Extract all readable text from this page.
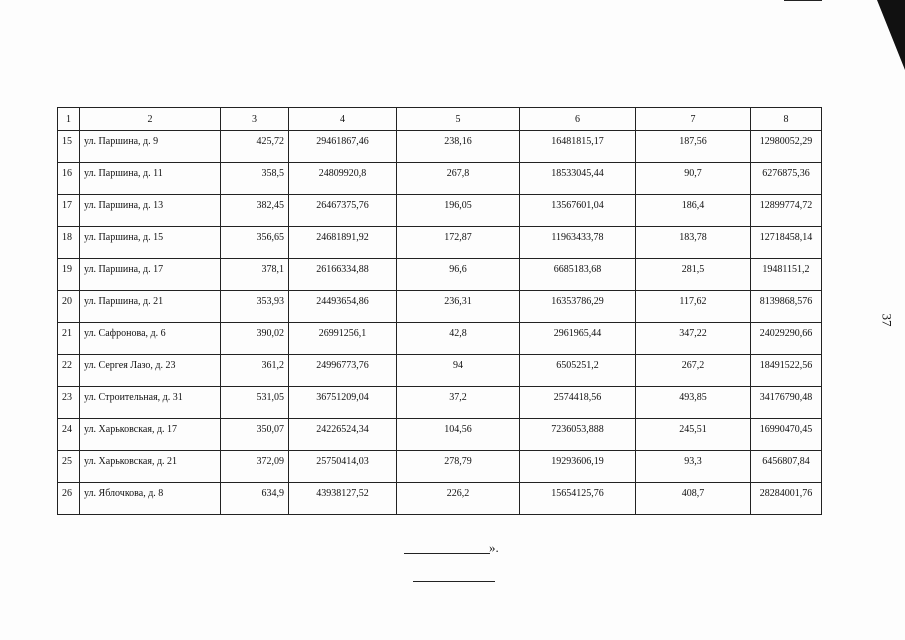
37
1	2	3	4	5	6	7	8
15	ул. Паршина, д. 9	425,72	29461867,46	238,16	16481815,17	187,56	12980052,29
16	ул. Паршина, д. 11	358,5	24809920,8	267,8	18533045,44	90,7	6276875,36
17	ул. Паршина, д. 13	382,45	26467375,76	196,05	13567601,04	186,4	12899774,72
18	ул. Паршина, д. 15	356,65	24681891,92	172,87	11963433,78	183,78	12718458,14
19	ул. Паршина, д. 17	378,1	26166334,88	96,6	6685183,68	281,5	19481151,2
20	ул. Паршина, д. 21	353,93	24493654,86	236,31	16353786,29	117,62	8139868,576
21	ул. Сафронова, д. 6	390,02	26991256,1	42,8	2961965,44	347,22	24029290,66
22	ул. Сергея Лазо, д. 23	361,2	24996773,76	94	6505251,2	267,2	18491522,56
23	ул. Строительная, д. 31	531,05	36751209,04	37,2	2574418,56	493,85	34176790,48
24	ул. Харьковская, д. 17	350,07	24226524,34	104,56	7236053,888	245,51	16990470,45
25	ул. Харьковская, д. 21	372,09	25750414,03	278,79	19293606,19	93,3	6456807,84
26	ул. Яблочкова, д. 8	634,9	43938127,52	226,2	15654125,76	408,7	28284001,76
».
